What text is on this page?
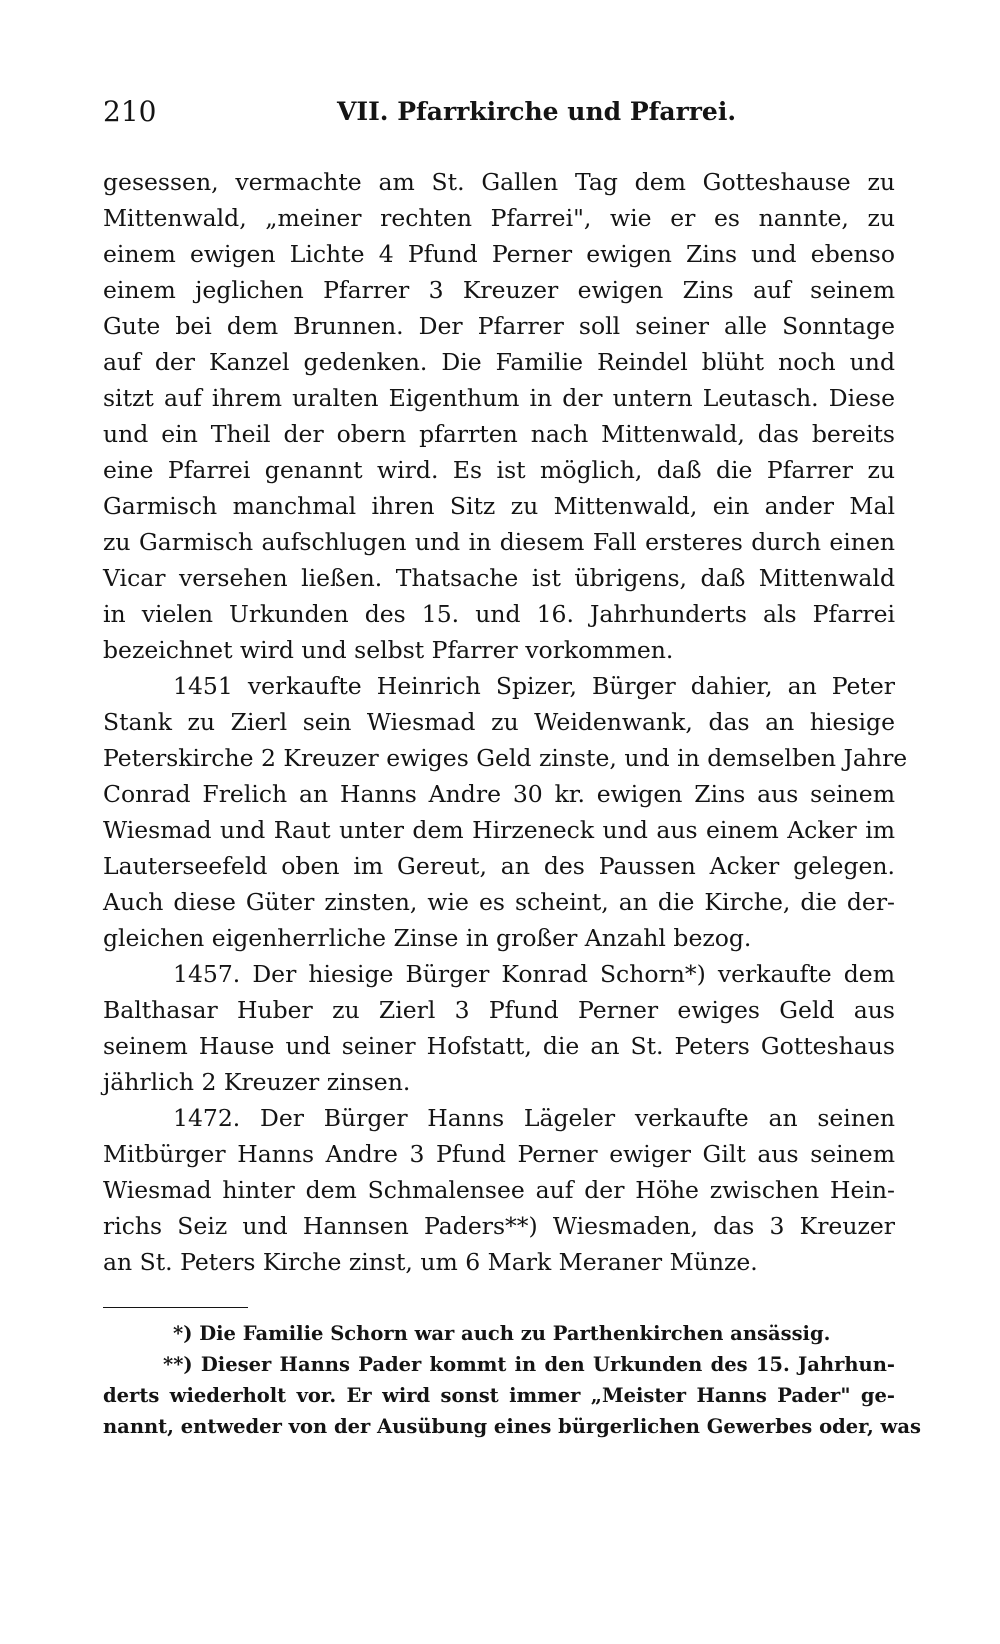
210	VII. Pfarrkirche und Pfarrei.
gesessen, vermachte am St. Gallen Tag dem Gotteshause zu
Mittenwald, „meiner rechten Pfarrei", wie er es nannte, zu
einem ewigen Lichte 4 Pfund Perner ewigen Zins und ebenso
einem jeglichen Pfarrer 3 Kreuzer ewigen Zins auf seinem
Gute bei dem Brunnen. Der Pfarrer soll seiner alle Sonntage
auf der Kanzel gedenken. Die Familie Reindel blüht noch und
sitzt auf ihrem uralten Eigenthum in der untern Leutasch. Diese
und ein Theil der obern pfarrten nach Mittenwald, das bereits
eine Pfarrei genannt wird. Es ist möglich, daß die Pfarrer zu
Garmisch manchmal ihren Sitz zu Mittenwald, ein ander Mal
zu Garmisch aufschlugen und in diesem Fall ersteres durch einen
Vicar versehen ließen. Thatsache ist übrigens, daß Mittenwald
in vielen Urkunden des 15. und 16. Jahrhunderts als Pfarrei
bezeichnet wird und selbst Pfarrer vorkommen.
1451 verkaufte Heinrich Spizer, Bürger dahier, an Peter
Stank zu Zierl sein Wiesmad zu Weidenwank, das an hiesige
Peterskirche 2 Kreuzer ewiges Geld zinste, und in demselben Jahre
Conrad Frelich an Hanns Andre 30 kr. ewigen Zins aus seinem
Wiesmad und Raut unter dem Hirzeneck und aus einem Acker im
Lauterseefeld oben im Gereut, an des Paussen Acker gelegen.
Auch diese Güter zinsten, wie es scheint, an die Kirche, die der-
gleichen eigenherrliche Zinse in großer Anzahl bezog.
1457. Der hiesige Bürger Konrad Schorn*) verkaufte dem
Balthasar Huber zu Zierl 3 Pfund Perner ewiges Geld aus
seinem Hause und seiner Hofstatt, die an St. Peters Gotteshaus
jährlich 2 Kreuzer zinsen.
1472. Der Bürger Hanns Lägeler verkaufte an seinen
Mitbürger Hanns Andre 3 Pfund Perner ewiger Gilt aus seinem
Wiesmad hinter dem Schmalensee auf der Höhe zwischen Hein-
richs Seiz und Hannsen Paders**) Wiesmaden, das 3 Kreuzer
an St. Peters Kirche zinst, um 6 Mark Meraner Münze.
*) Die Familie Schorn war auch zu Parthenkirchen ansässig.
**) Dieser Hanns Pader kommt in den Urkunden des 15. Jahrhun-
derts wiederholt vor. Er wird sonst immer „Meister Hanns Pader" ge-
nannt, entweder von der Ausübung eines bürgerlichen Gewerbes oder, was
